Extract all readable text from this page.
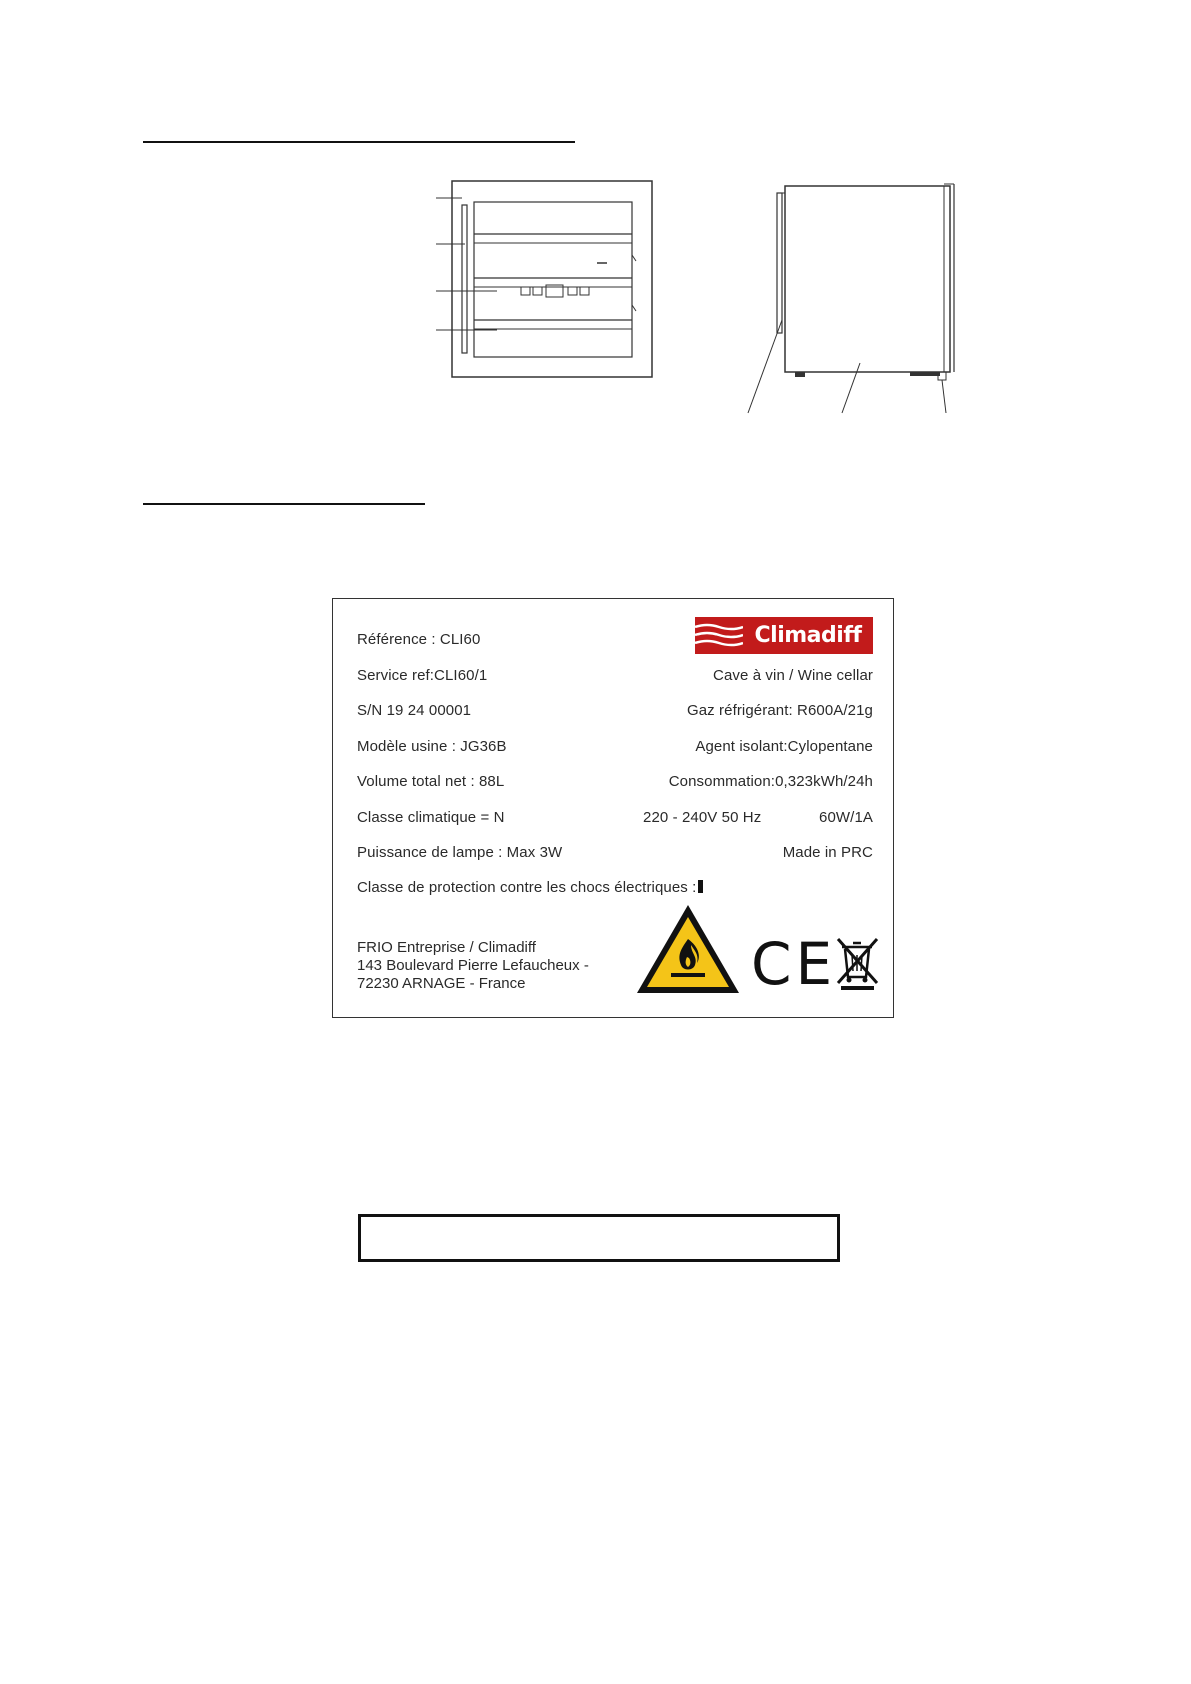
Climadiff
Référence : CLI60
Service ref:CLI60/1
S/N 19 24 00001
Modèle usine : JG36B
Volume total net : 88L
Classe climatique = N
Puissance de lampe : Max 3W
Cave à vin / Wine cellar
Gaz réfrigérant: R600A/21g
Agent isolant:Cylopentane
Consommation:0,323kWh/24h
220 - 240V 50 Hz	60W/1A
Made in PRC
Classe de protection contre les chocs électriques :
FRIO Entreprise / Climadiff
143 Boulevard Pierre Lefaucheux -
72230 ARNAGE - France	CE
